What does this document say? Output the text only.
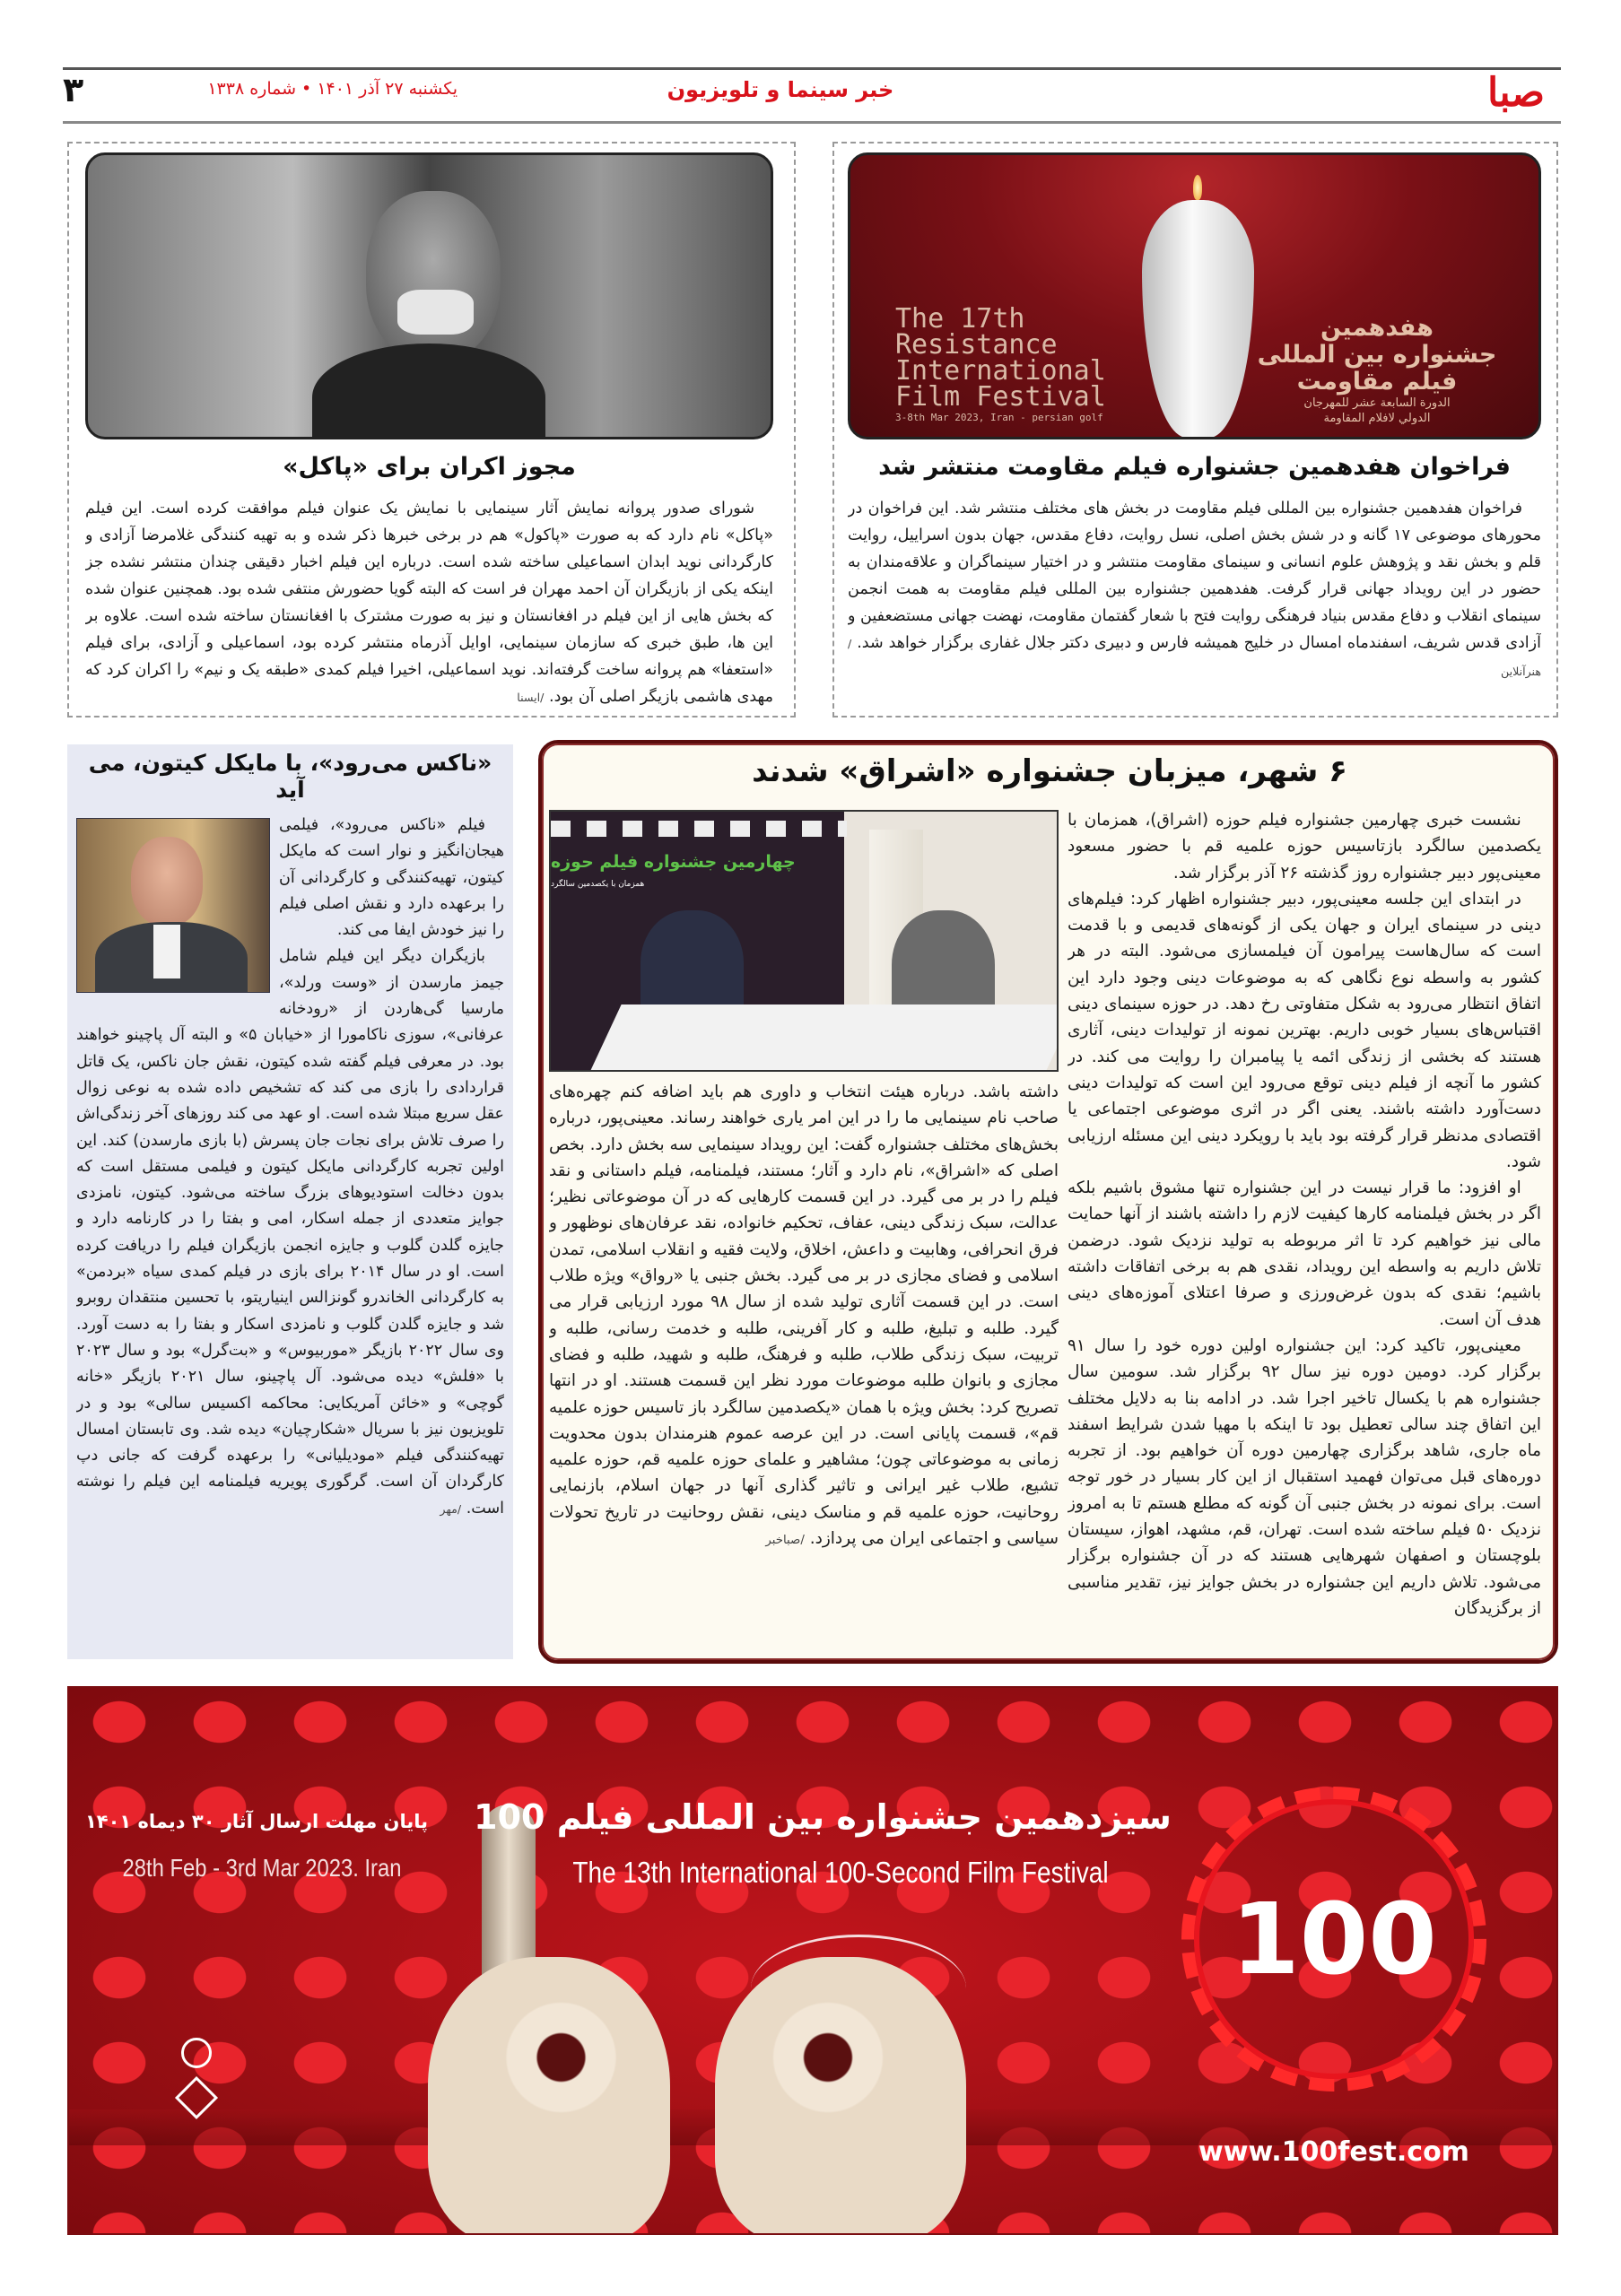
صبا
خبر سینما و تلویزیون
یکشنبه ۲۷ آذر ۱۴۰۱ • شماره ۱۳۳۸
۳
The 17th
Resistance
International
Film Festival
3-8th Mar 2023, Iran - persian golf
هفدهمین
جشنواره بین المللی
فیلم مقاومت
الدورة السابعة عشر للمهرجان
الدولي لافلام المقاومة
فراخوان هفدهمین جشنواره فیلم مقاومت منتشر شد

فراخوان هفدهمین جشنواره بین المللی فیلم مقاومت در بخش های مختلف منتشر شد. این فراخوان در محورهای موضوعی ۱۷ گانه و در شش بخش اصلی، نسل روایت، دفاع مقدس، جهان بدون اسراییل، روایت قلم و بخش نقد و پژوهش علوم انسانی و سینمای مقاومت منتشر و در اختیار سینماگران و علاقه‌مندان به حضور در این رویداد جهانی قرار گرفت. هفدهمین جشنواره بین المللی فیلم مقاومت به همت انجمن سینمای انقلاب و دفاع مقدس بنیاد فرهنگی روایت فتح با شعار گفتمان مقاومت، نهضت جهانی مستضعفین و آزادی قدس شریف، اسفندماه امسال در خلیج همیشه فارس و دبیری دکتر جلال غفاری برگزار خواهد شد. /هنرآنلاین

مجوز اکران برای «پاکل»

شورای صدور پروانه نمایش آثار سینمایی با نمایش یک عنوان فیلم موافقت کرده است. این فیلم «پاکل» نام دارد که به صورت «پاکول» هم در برخی خبرها ذکر شده و به تهیه کنندگی غلامرضا آزادی و کارگردانی نوید ابدان اسماعیلی ساخته شده است. درباره این فیلم اخبار دقیقی چندان منتشر نشده جز اینکه یکی از بازیگران آن احمد مهران فر است که البته گویا حضورش منتفی شده بود. همچنین عنوان شده که بخش هایی از این فیلم در افغانستان و نیز به صورت مشترک با افغانستان ساخته شده است. علاوه بر این ها، طبق خبری که سازمان سینمایی، اوایل آذرماه منتشر کرده بود، اسماعیلی و آزادی، برای فیلم «استعفا» هم پروانه ساخت گرفته‌اند. نوید اسماعیلی، اخیرا فیلم کمدی «طبقه یک و نیم» را اکران کرد که مهدی هاشمی بازیگر اصلی آن بود. /ایسنا

۶ شهر، میزبان جشنواره «اشراق» شدند
چهارمین جشنواره فیلم حوزه
همزمان با یکصدمین سالگرد

نشست خبری چهارمین جشنواره فیلم حوزه (اشراق)، همزمان با یکصدمین سالگرد بازتاسیس حوزه علمیه قم با حضور مسعود معینی‌پور دبیر جشنواره روز گذشته ۲۶ آذر برگزار شد.

در ابتدای این جلسه معینی‌پور، دبیر جشنواره اظهار کرد: فیلم‌های دینی در سینمای ایران و جهان یکی از گونه‌های قدیمی و با قدمت است که سال‌هاست پیرامون آن فیلمسازی می‌شود. البته در هر کشور به واسطه نوع نگاهی که به موضوعات دینی وجود دارد این اتفاق انتظار می‌رود به شکل متفاوتی رخ دهد. در حوزه سینمای دینی اقتباس‌های بسیار خوبی داریم. بهترین نمونه از تولیدات دینی، آثاری هستند که بخشی از زندگی ائمه یا پیامبران را روایت می کند. در کشور ما آنچه از فیلم دینی توقع می‌رود این است که تولیدات دینی دست‌آورد داشته باشند. یعنی اگر در اثری موضوعی اجتماعی یا اقتصادی مدنظر قرار گرفته بود باید با رویکرد دینی این مسئله ارزیابی شود.

او افزود: ما قرار نیست در این جشنواره تنها مشوق باشیم بلکه اگر در بخش فیلمنامه کارها کیفیت لازم را داشته باشند از آنها حمایت مالی نیز خواهیم کرد تا اثر مربوطه به تولید نزدیک شود. درضمن تلاش داریم به واسطه این رویداد، نقدی هم به برخی اتفاقات داشته باشیم؛ نقدی که بدون غرض‌ورزی و صرفا اعتلای آموزه‌های دینی هدف آن است.

معینی‌پور، تاکید کرد: این جشنواره اولین دوره خود را سال ۹۱ برگزار کرد. دومین دوره نیز سال ۹۲ برگزار شد. سومین سال جشنواره هم با یکسال تاخیر اجرا شد. در ادامه بنا به دلایل مختلف این اتفاق چند سالی تعطیل بود تا اینکه با مهیا شدن شرایط اسفند ماه جاری، شاهد برگزاری چهارمین دوره آن خواهیم بود. از تجربه دوره‌های قبل می‌توان فهمید استقبال از این کار بسیار در خور توجه است. برای نمونه در بخش جنبی آن گونه که مطلع هستم تا به امروز نزدیک ۵۰ فیلم ساخته شده است. تهران، قم، مشهد، اهواز، سیستان بلوچستان و اصفهان شهرهایی هستند که در آن جشنواره برگزار می‌شود. تلاش داریم این جشنواره در بخش جوایز نیز، تقدیر مناسبی از برگزیدگان

داشته باشد. درباره هیئت انتخاب و داوری هم باید اضافه کنم چهره‌های صاحب نام سینمایی ما را در این امر یاری خواهند رساند. معینی‌پور، درباره بخش‌های مختلف جشنواره گفت: این رویداد سینمایی سه بخش دارد. بخص اصلی که «اشراق»، نام دارد و آثار؛ مستند، فیلمنامه، فیلم داستانی و نقد فیلم را در بر می گیرد. در این قسمت کارهایی که در آن موضوعاتی نظیر؛ عدالت، سبک زندگی دینی، عفاف، تحکیم خانواده، نقد عرفان‌های نوظهور و فرق انحرافی، وهابیت و داعش، اخلاق، ولایت فقیه و انقلاب اسلامی، تمدن اسلامی و فضای مجازی در بر می گیرد. بخش جنبی یا «رواق» ویژه طلاب است. در این قسمت آثاری تولید شده از سال ۹۸ مورد ارزیابی قرار می گیرد. طلبه و تبلیغ، طلبه و کار آفرینی، طلبه و خدمت رسانی، طلبه و تربیت، سبک زندگی طلاب، طلبه و فرهنگ، طلبه و شهید، طلبه و فضای مجازی و بانوان طلبه موضوعات مورد نظر این قسمت هستند. او در انتها تصریح کرد: بخش ویژه با همان «یکصدمین سالگرد باز تاسیس حوزه علمیه قم»، قسمت پایانی است. در این عرصه عموم هنرمندان بدون محدویت زمانی به موضوعاتی چون؛ مشاهیر و علمای حوزه علمیه قم، حوزه علمیه تشیع، طلاب غیر ایرانی و تاثیر گذاری آنها در جهان اسلام، بازنمایی روحانیت، حوزه علمیه قم و مناسک دینی، نقش روحانیت در تاریخ تحولات سیاسی و اجتماعی ایران می پردازد. /صباخبر

«ناکس می‌رود»، با مایکل کیتون، می آید

فیلم «ناکس می‌رود»، فیلمی هیجان‌انگیز و نوار است که مایکل کیتون، تهیه‌کنندگی و کارگردانی آن را برعهده دارد و نقش اصلی فیلم را نیز خودش ایفا می کند.

بازیگران دیگر این فیلم شامل جیمز مارسدن از «وست ورلد»، مارسیا گی‌هاردن از «رودخانه عرفانی»، سوزی ناکامورا از «خیابان ۵» و البته آل پاچینو خواهند بود. در معرفی فیلم گفته شده کیتون، نقش جان ناکس، یک قاتل قراردادی را بازی می کند که تشخیص داده شده به نوعی زوال عقل سریع مبتلا شده است. او عهد می کند روزهای آخر زندگی‌اش را صرف تلاش برای نجات جان پسرش (با بازی مارسدن) کند. این اولین تجربه کارگردانی مایکل کیتون و فیلمی مستقل است که بدون دخالت استودیوهای بزرگ ساخته می‌شود. کیتون، نامزدی جوایز متعددی از جمله اسکار، امی و بفتا را در کارنامه دارد و جایزه گلدن گلوب و جایزه انجمن بازیگران فیلم را دریافت کرده است. او در سال ۲۰۱۴ برای بازی در فیلم کمدی سیاه «بردمن» به کارگردانی الخاندرو گونزالس اینیاریتو، با تحسین منتقدان روبرو شد و جایزه گلدن گلوب و نامزدی اسکار و بفتا را به دست آورد. وی سال ۲۰۲۲ بازیگر «موربیوس» و «بت‌گرل» بود و سال ۲۰۲۳ با «فلش» دیده می‌شود. آل پاچینو، سال ۲۰۲۱ بازیگر «خانه گوچی» و «خائن آمریکایی: محاکمه اکسیس سالی» بود و در تلویزیون نیز با سریال «شکارچیان» دیده شد. وی تابستان امسال تهیه‌کنندگی فیلم «مودیلیانی» را برعهده گرفت که جانی دپ کارگردان آن است. گرگوری پویریه فیلمنامه این فیلم را نوشته است. /مهر

سیزدهمین جشنواره بین المللی فیلم 100
The 13th International 100-Second Film Festival
پایان مهلت ارسال آثار ۳۰ دیماه ۱۴۰۱
28th Feb - 3rd Mar 2023. Iran
100
www.100fest.com
